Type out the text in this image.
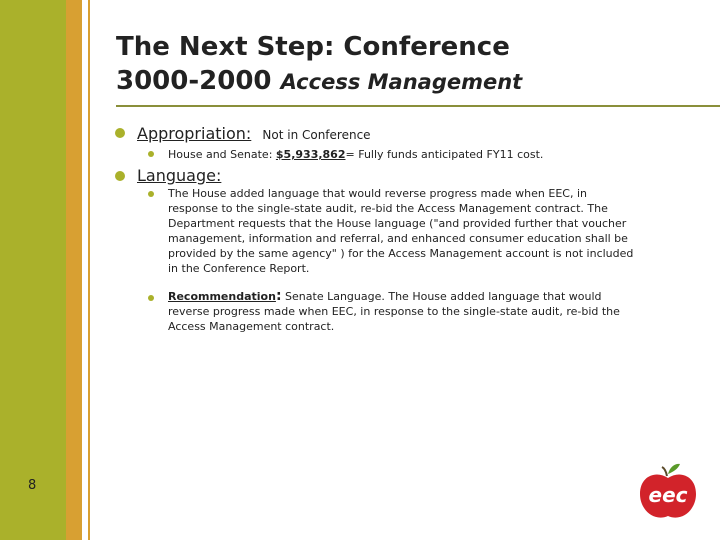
The Next Step: Conference
3000-2000 Access Management
Appropriation: Not in Conference
House and Senate: $5,933,862= Fully funds anticipated FY11 cost.
Language:
The House added language that would reverse progress made when EEC, in response to the single-state audit, re-bid the Access Management contract. The Department requests that the House language ("and provided further that voucher management, information and referral, and enhanced consumer education shall be provided by the same agency" ) for the Access Management account is not included in the Conference Report.
Recommendation: Senate Language. The House added language that would reverse progress made when EEC, in response to the single-state audit, re-bid the Access Management contract.
8	eec
